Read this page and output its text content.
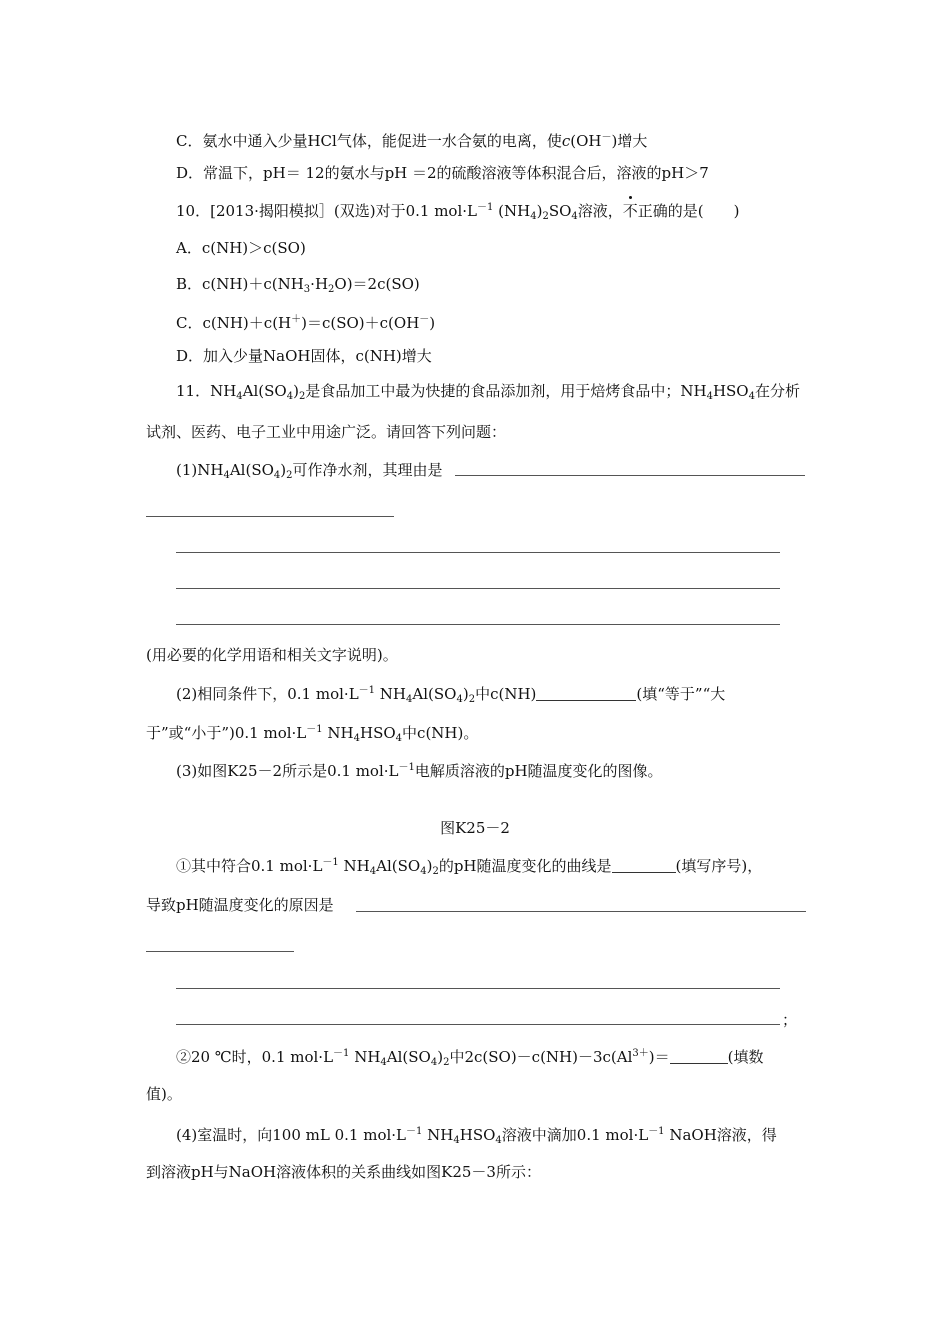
C．氨水中通入少量HCl气体，能促进一水合氨的电离，使c(OH－)增大
D．常温下，pH＝ 12的氨水与pH ＝2的硫酸溶液等体积混合后，溶液的pH＞7
10．[2013·揭阳模拟］(双选)对于0.1 $mol\cdot L^{-1}$ $(NH_4)_2SO_4$溶液，不正确的是(　　)
A．c(NH)＞c(SO)
B．$c(NH)+c(NH_3\cdot H_2O)=2c(SO)$
C．c(NH)＋c(H＋)＝c(SO)＋c(OH－)
D．加入少量NaOH固体，c(NH)增大
11．$NH_4Al(SO_4)_2$是食品加工中最为快捷的食品添加剂，用于焙烤食品中；$NH_4HSO_4$在分析
试剂、医药、电子工业中用途广泛。请回答下列问题：
$(1)NH_4Al(SO_4)_2$可作净水剂，其理由是
(用必要的化学用语和相关文字说明)。
(2)相同条件下，0.1 $mol\cdot L^{-1}$ $NH_4Al(SO_4)_2$中c(NH)	(填“等于”“大
于”或“小于”)0.1 $mol\cdot L^{-1}$ $NH_4HSO_4$中c(NH)。
(3)如图K25－2所示是0.1 $mol\cdot L^{-1}$电解质溶液的pH随温度变化的图像。
图K25－2
①其中符合0.1 $mol\cdot L^{-1}$ $NH_4Al(SO_4)_2$的pH随温度变化的曲线是	(填写序号)，
导致pH随温度变化的原因是
；
②20 ℃时，0.1 $mol\cdot L^{-1}$ $NH_4Al(SO_4)_2$中$2c(SO)-c(NH)-3c(Al^{3+})=$	(填数
值)。
(4)室温时，向100 mL 0.1 $mol\cdot L^{-1}$ $NH_4HSO_4$溶液中滴加0.1 $mol\cdot L^{-1}$ NaOH溶液，得
到溶液pH与NaOH溶液体积的关系曲线如图K25－3所示：
